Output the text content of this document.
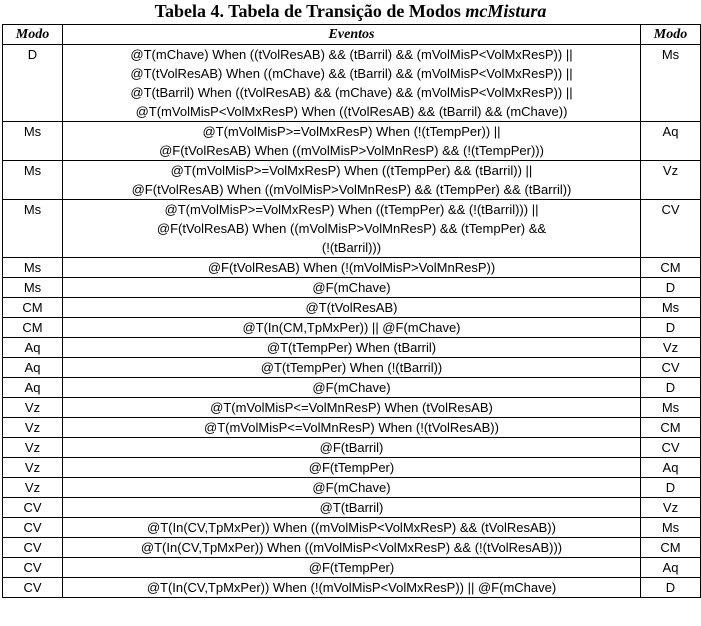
Tabela 4. Tabela de Transição de Modos mcMistura
Modo	Eventos	Modo
D	@T(mChave) When ((tVolResAB) && (tBarril) && (mVolMisP<VolMxResP)) ||
@T(tVolResAB) When ((mChave) && (tBarril) && (mVolMisP<VolMxResP)) ||
@T(tBarril) When ((tVolResAB) && (mChave) && (mVolMisP<VolMxResP)) ||
@T(mVolMisP<VolMxResP) When ((tVolResAB) && (tBarril) && (mChave))	Ms
Ms	@T(mVolMisP>=VolMxResP) When (!(tTempPer)) ||
@F(tVolResAB) When ((mVolMisP>VolMnResP) && (!(tTempPer)))	Aq
Ms	@T(mVolMisP>=VolMxResP) When ((tTempPer) && (tBarril)) ||
@F(tVolResAB) When ((mVolMisP>VolMnResP) && (tTempPer) && (tBarril))	Vz
Ms	@T(mVolMisP>=VolMxResP) When ((tTempPer) && (!(tBarril))) ||
@F(tVolResAB) When ((mVolMisP>VolMnResP) && (tTempPer) &&
(!(tBarril)))	CV
Ms	@F(tVolResAB) When (!(mVolMisP>VolMnResP))	CM
Ms	@F(mChave)	D
CM	@T(tVolResAB)	Ms
CM	@T(In(CM,TpMxPer)) || @F(mChave)	D
Aq	@T(tTempPer) When (tBarril)	Vz
Aq	@T(tTempPer) When (!(tBarril))	CV
Aq	@F(mChave)	D
Vz	@T(mVolMisP<=VolMnResP) When (tVolResAB)	Ms
Vz	@T(mVolMisP<=VolMnResP) When (!(tVolResAB))	CM
Vz	@F(tBarril)	CV
Vz	@F(tTempPer)	Aq
Vz	@F(mChave)	D
CV	@T(tBarril)	Vz
CV	@T(In(CV,TpMxPer)) When ((mVolMisP<VolMxResP) && (tVolResAB))	Ms
CV	@T(In(CV,TpMxPer)) When ((mVolMisP<VolMxResP) && (!(tVolResAB)))	CM
CV	@F(tTempPer)	Aq
CV	@T(In(CV,TpMxPer)) When (!(mVolMisP<VolMxResP)) || @F(mChave)	D
